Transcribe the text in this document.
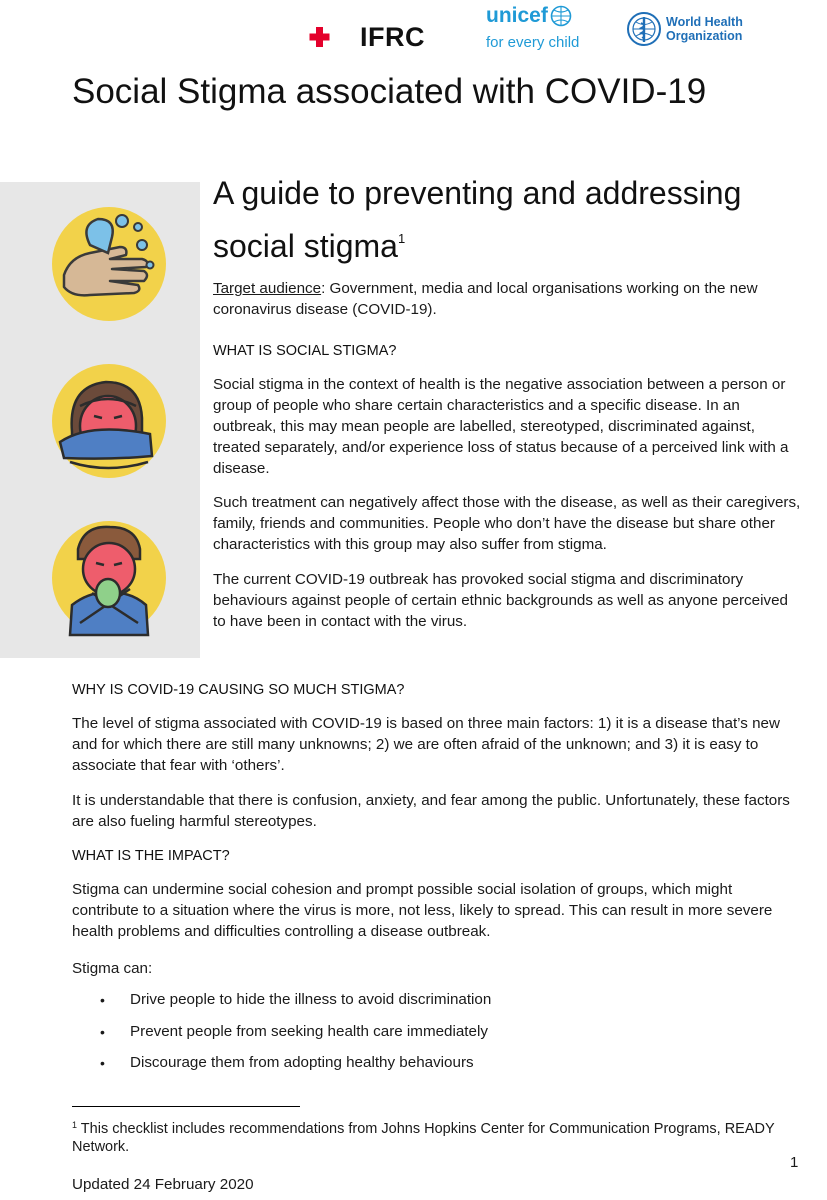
IFRC
unicef
for every child
World Health
Organization
Social Stigma associated with COVID-19
A guide to preventing and addressing
social stigma$^1$

Target audience: Government, media and local organisations working on the new coronavirus disease (COVID-19).

WHAT IS SOCIAL STIGMA?

Social stigma in the context of health is the negative association between a person or group of people who share certain characteristics and a specific disease. In an outbreak, this may mean people are labelled, stereotyped, discriminated against, treated separately, and/or experience loss of status because of a perceived link with a disease.

Such treatment can negatively affect those with the disease, as well as their caregivers, family, friends and communities. People who don’t have the disease but share other characteristics with this group may also suffer from stigma.

The current COVID-19 outbreak has provoked social stigma and discriminatory behaviours against people of certain ethnic backgrounds as well as anyone perceived to have been in contact with the virus.

WHY IS COVID-19 CAUSING SO MUCH STIGMA?

The level of stigma associated with COVID-19 is based on three main factors: 1) it is a disease that’s new and for which there are still many unknowns; 2) we are often afraid of the unknown; and 3) it is easy to associate that fear with ‘others’.

It is understandable that there is confusion, anxiety, and fear among the public. Unfortunately, these factors are also fueling harmful stereotypes.

WHAT IS THE IMPACT?

Stigma can undermine social cohesion and prompt possible social isolation of groups, which might contribute to a situation where the virus is more, not less, likely to spread. This can result in more severe health problems and difficulties controlling a disease outbreak.

Stigma can:

•	Drive people to hide the illness to avoid discrimination
•	Prevent people from seeking health care immediately
•	Discourage them from adopting healthy behaviours
$^1$ This checklist includes recommendations from Johns Hopkins Center for Communication Programs, READY Network.
1
Updated 24 February 2020
